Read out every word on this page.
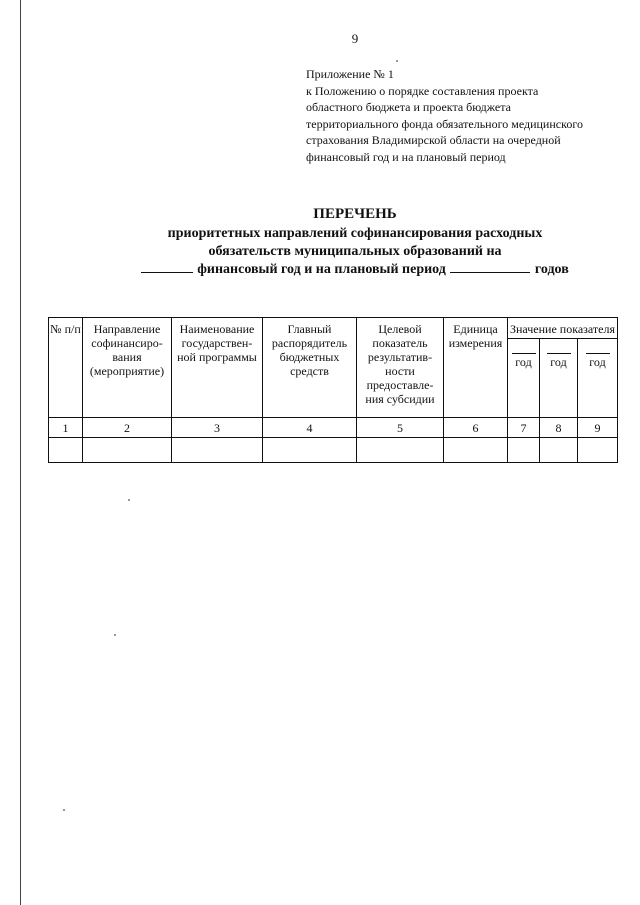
9
Приложение № 1
к Положению о порядке составления проекта
областного бюджета и проекта бюджета
территориального фонда обязательного медицинского
страхования Владимирской области на очередной
финансовый год и на плановый период
ПЕРЕЧЕНЬ
приоритетных направлений софинансирования расходных
обязательств муниципальных образований на
финансовый год и на плановый период	годов
№ п/п	Направление софинансиро-вания (мероприятие)	Наименование государствен-ной программы	Главный распорядитель бюджетных средств	Целевой показатель результатив-ности предоставле-ния субсидии	Единица измерения	Значение показателя		

год	год	год
1	2	3	4	5	6	7	8	9
